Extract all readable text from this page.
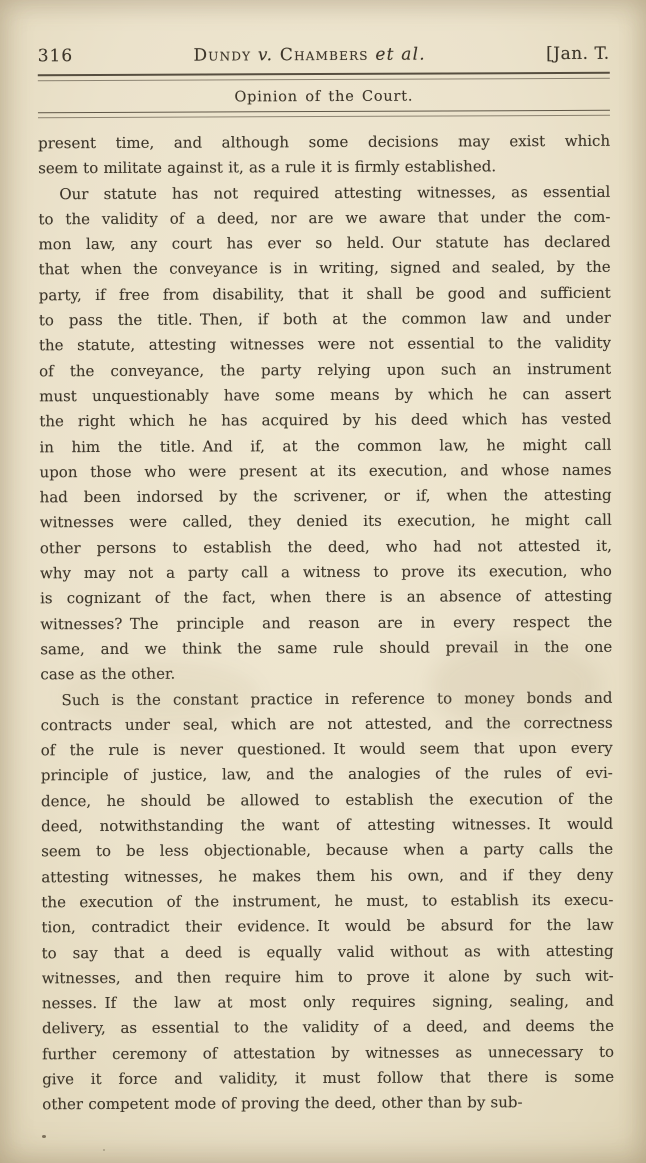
316	Dundy v. Chambers et al.	[Jan. T.
Opinion of the Court.
present time, and although some decisions may exist which
seem to militate against it, as a rule it is firmly established.
Our statute has not required attesting witnesses, as essential
to the validity of a deed, nor are we aware that under the com-
mon law, any court has ever so held. Our statute has declared
that when the conveyance is in writing, signed and sealed, by the
party, if free from disability, that it shall be good and sufficient
to pass the title. Then, if both at the common law and under
the statute, attesting witnesses were not essential to the validity
of the conveyance, the party relying upon such an instrument
must unquestionably have some means by which he can assert
the right which he has acquired by his deed which has vested
in him the title. And if, at the common law, he might call
upon those who were present at its execution, and whose names
had been indorsed by the scrivener, or if, when the attesting
witnesses were called, they denied its execution, he might call
other persons to establish the deed, who had not attested it,
why may not a party call a witness to prove its execution, who
is cognizant of the fact, when there is an absence of attesting
witnesses? The principle and reason are in every respect the
same, and we think the same rule should prevail in the one
case as the other.
Such is the constant practice in reference to money bonds and
contracts under seal, which are not attested, and the correctness
of the rule is never questioned. It would seem that upon every
principle of justice, law, and the analogies of the rules of evi-
dence, he should be allowed to establish the execution of the
deed, notwithstanding the want of attesting witnesses. It would
seem to be less objectionable, because when a party calls the
attesting witnesses, he makes them his own, and if they deny
the execution of the instrument, he must, to establish its execu-
tion, contradict their evidence. It would be absurd for the law
to say that a deed is equally valid without as with attesting
witnesses, and then require him to prove it alone by such wit-
nesses. If the law at most only requires signing, sealing, and
delivery, as essential to the validity of a deed, and deems the
further ceremony of attestation by witnesses as unnecessary to
give it force and validity, it must follow that there is some
other competent mode of proving the deed, other than by sub-
